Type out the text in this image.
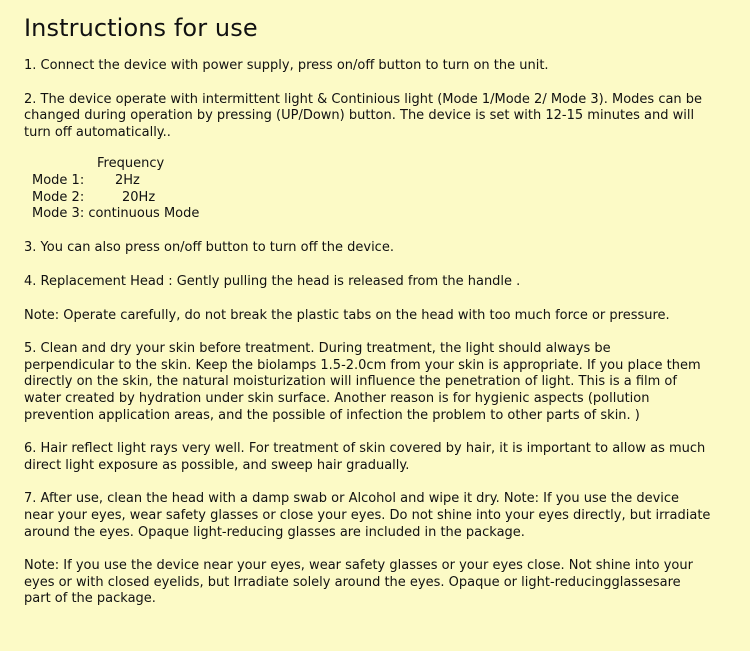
Instructions for use
1. Connect the device with power supply, press on/off button to turn on the unit.
2. The device operate with intermittent light & Continious light (Mode 1/Mode 2/ Mode 3). Modes can be
changed during operation by pressing (UP/Down) button. The device is set with 12-15 minutes and will
turn off automatically..
Frequency
Mode 1: 2Hz
Mode 2:	20Hz
Mode 3: continuous Mode
3. You can also press on/off button to turn off the device.
4. Replacement Head : Gently pulling the head is released from the handle .
Note: Operate carefully, do not break the plastic tabs on the head with too much force or pressure.
5. Clean and dry your skin before treatment. During treatment, the light should always be
perpendicular to the skin. Keep the biolamps 1.5-2.0cm from your skin is appropriate. If you place them
directly on the skin, the natural moisturization will influence the penetration of light. This is a film of
water created by hydration under skin surface. Another reason is for hygienic aspects (pollution
prevention application areas, and the possible of infection the problem to other parts of skin. )
6. Hair reflect light rays very well. For treatment of skin covered by hair, it is important to allow as much
direct light exposure as possible, and sweep hair gradually.
7. After use, clean the head with a damp swab or Alcohol and wipe it dry. Note: If you use the device
near your eyes, wear safety glasses or close your eyes. Do not shine into your eyes directly, but irradiate
around the eyes. Opaque light-reducing glasses are included in the package.
Note: If you use the device near your eyes, wear safety glasses or your eyes close. Not shine into your
eyes or with closed eyelids, but Irradiate solely around the eyes. Opaque or light-reducingglassesare
part of the package.
